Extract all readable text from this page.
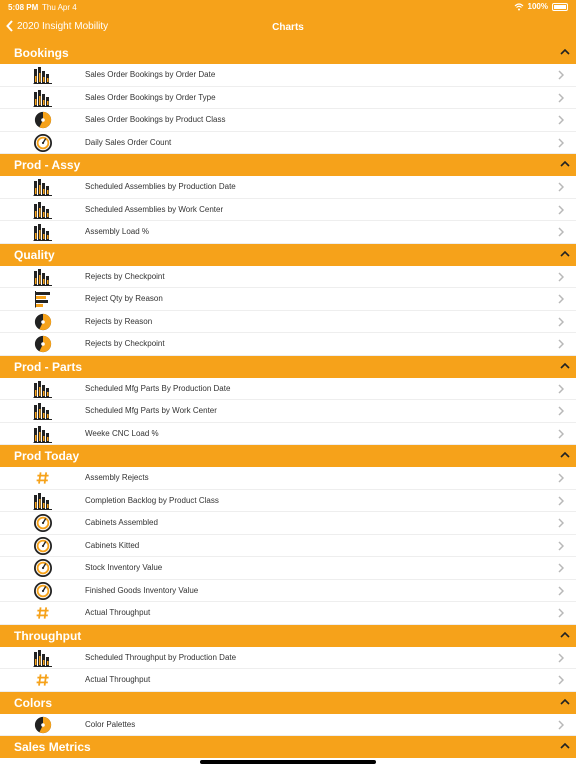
5:08 PM Thu Apr 4	100%
2020 Insight Mobility	Charts
Bookings
Sales Order Bookings by Order Date
Sales Order Bookings by Order Type
Sales Order Bookings by Product Class
Daily Sales Order Count
Prod - Assy
Scheduled Assemblies by Production Date
Scheduled Assemblies by Work Center
Assembly Load %
Quality
Rejects by Checkpoint
Reject Qty by Reason
Rejects by Reason
Rejects by Checkpoint
Prod - Parts
Scheduled Mfg Parts By Production Date
Scheduled Mfg Parts by Work Center
Weeke CNC Load %
Prod Today
Assembly Rejects
Completion Backlog by Product Class
Cabinets Assembled
Cabinets Kitted
Stock Inventory Value
Finished Goods Inventory Value
Actual Throughput
Throughput
Scheduled Throughput by Production Date
Actual Throughput
Colors
Color Palettes
Sales Metrics
